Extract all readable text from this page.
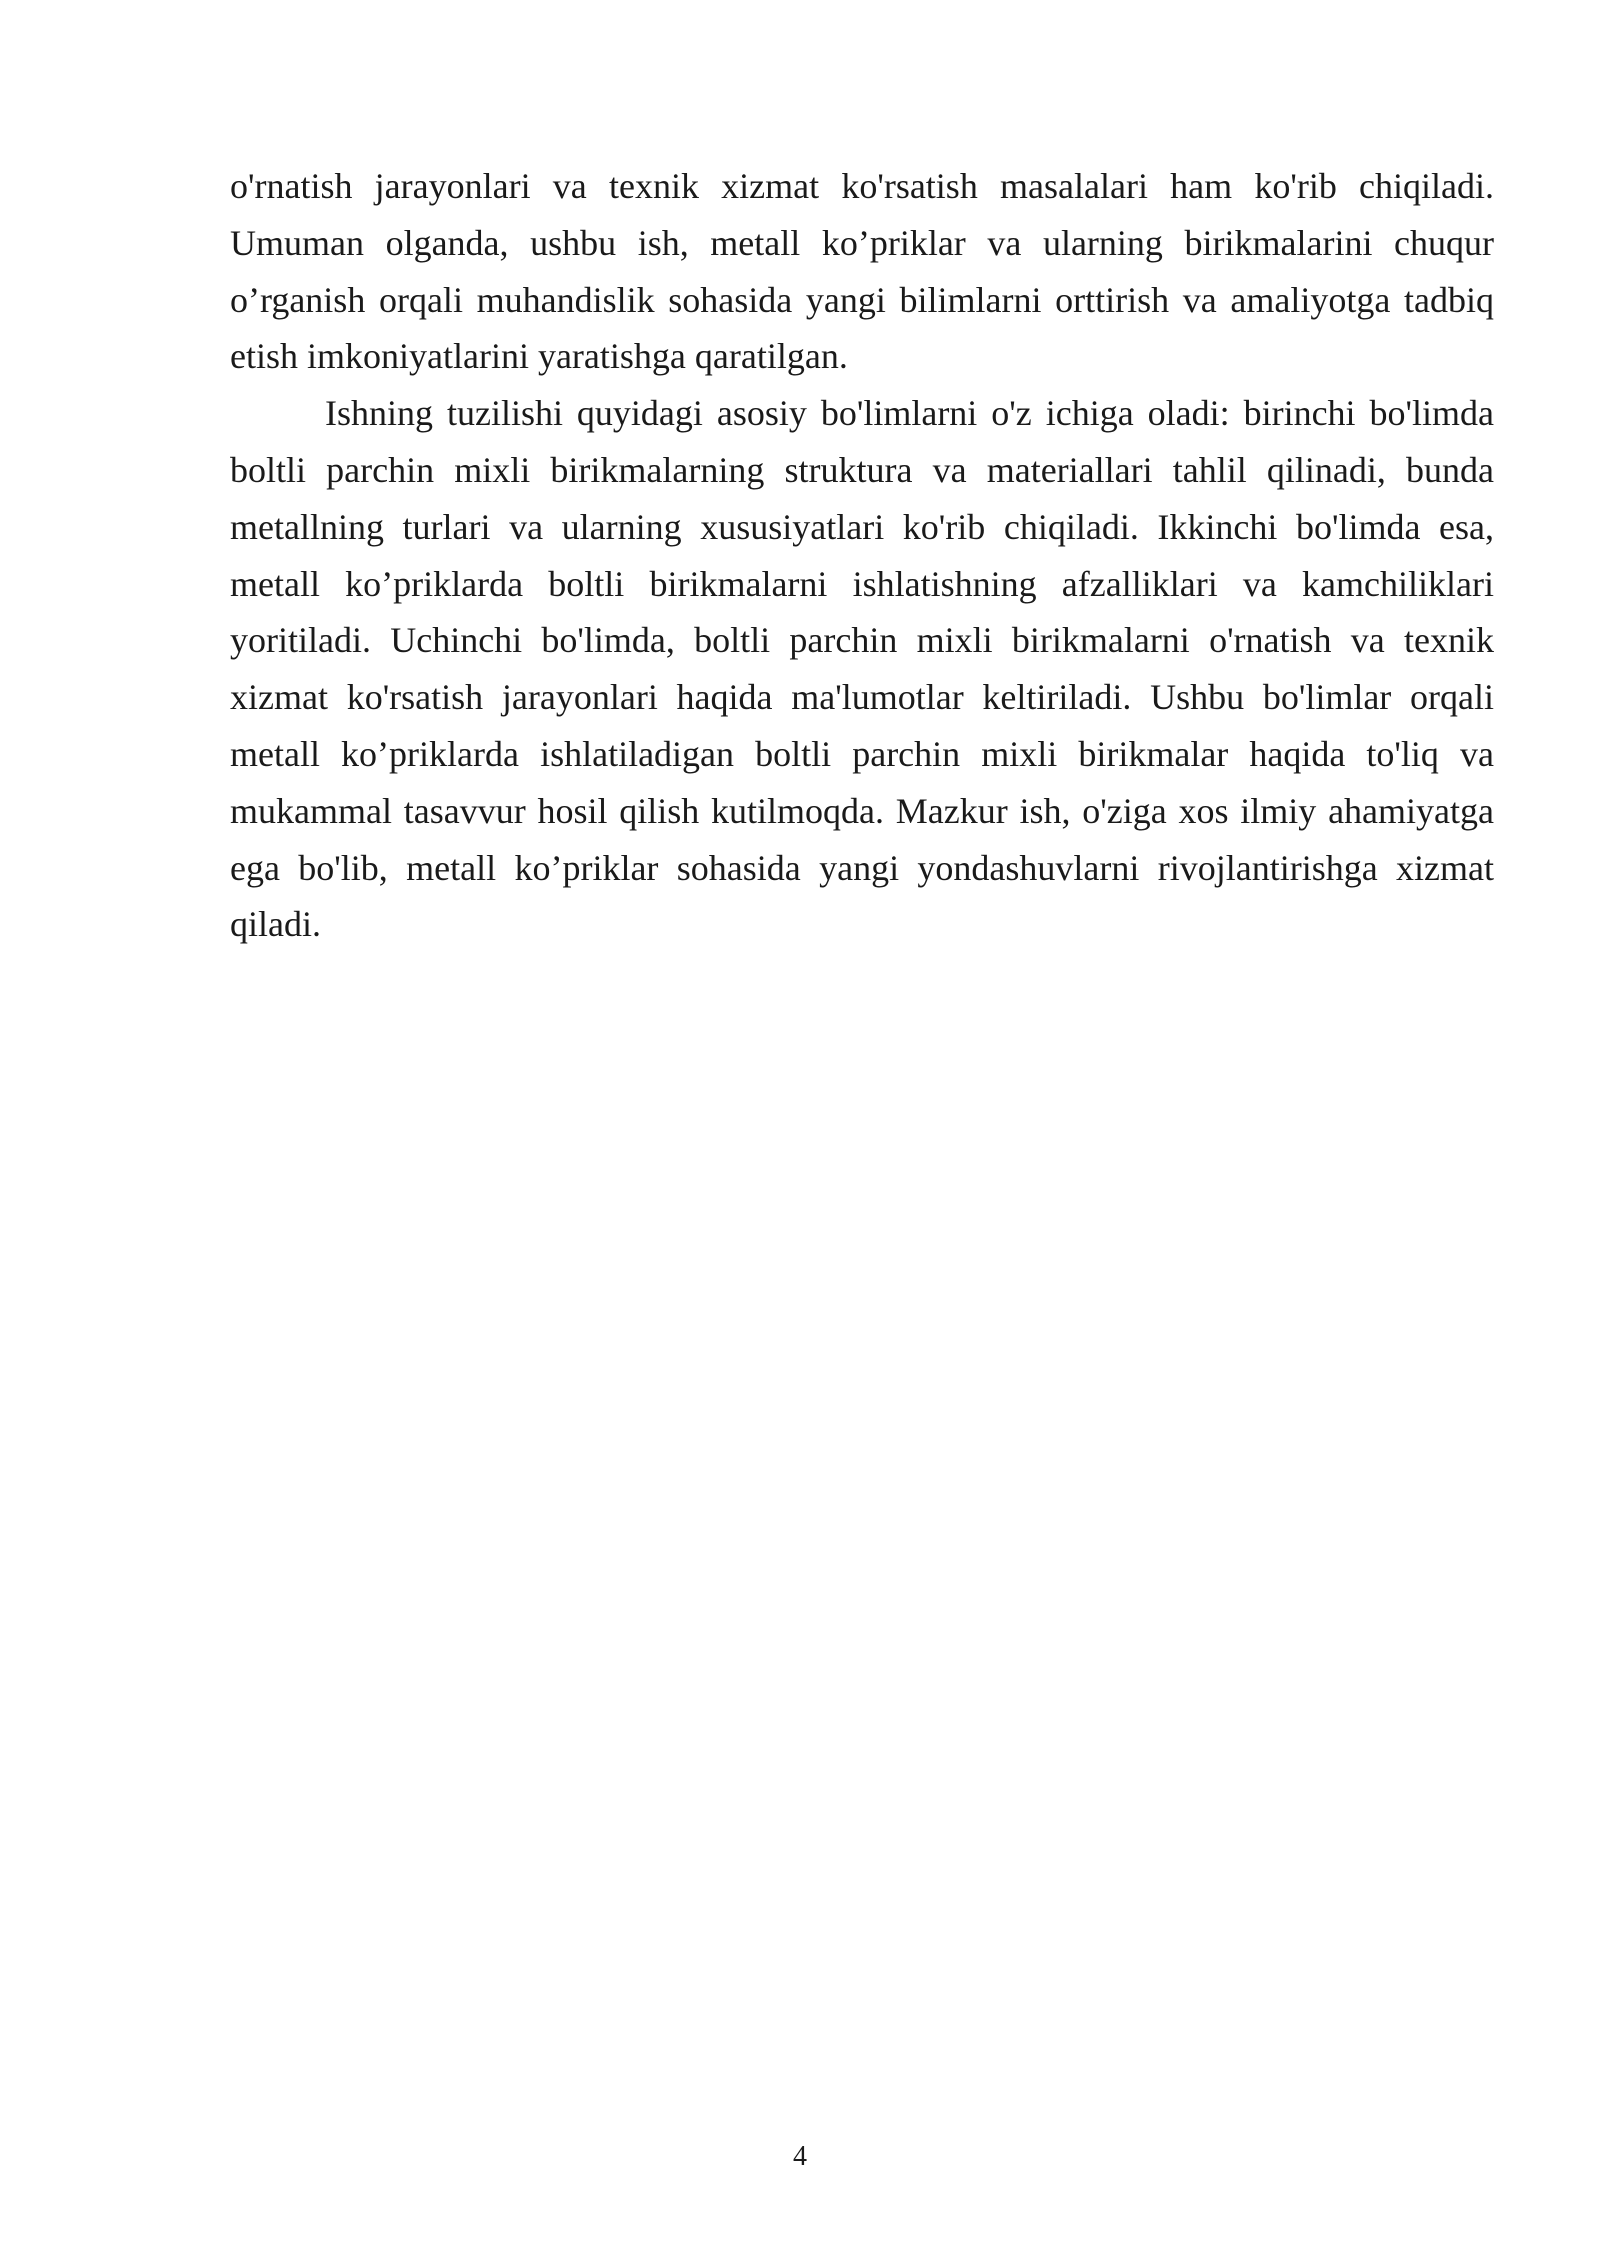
o'rnatish jarayonlari va texnik xizmat ko'rsatish masalalari ham ko'rib chiqiladi. Umuman olganda, ushbu ish, metall ko’priklar va ularning birikmalarini chuqur o’rganish orqali muhandislik sohasida yangi bilimlarni orttirish va amaliyotga tadbiq etish imkoniyatlarini yaratishga qaratilgan.

Ishning tuzilishi quyidagi asosiy bo'limlarni o'z ichiga oladi: birinchi bo'limda boltli parchin mixli birikmalarning struktura va materiallari tahlil qilinadi, bunda metallning turlari va ularning xususiyatlari ko'rib chiqiladi. Ikkinchi bo'limda esa, metall ko’priklarda boltli birikmalarni ishlatishning afzalliklari va kamchiliklari yoritiladi. Uchinchi bo'limda, boltli parchin mixli birikmalarni o'rnatish va texnik xizmat ko'rsatish jarayonlari haqida ma'lumotlar keltiriladi. Ushbu bo'limlar orqali metall ko’priklarda ishlatiladigan boltli parchin mixli birikmalar haqida to'liq va mukammal tasavvur hosil qilish kutilmoqda. Mazkur ish, o'ziga xos ilmiy ahamiyatga ega bo'lib, metall ko’priklar sohasida yangi yondashuvlarni rivojlantirishga xizmat qiladi.

4
